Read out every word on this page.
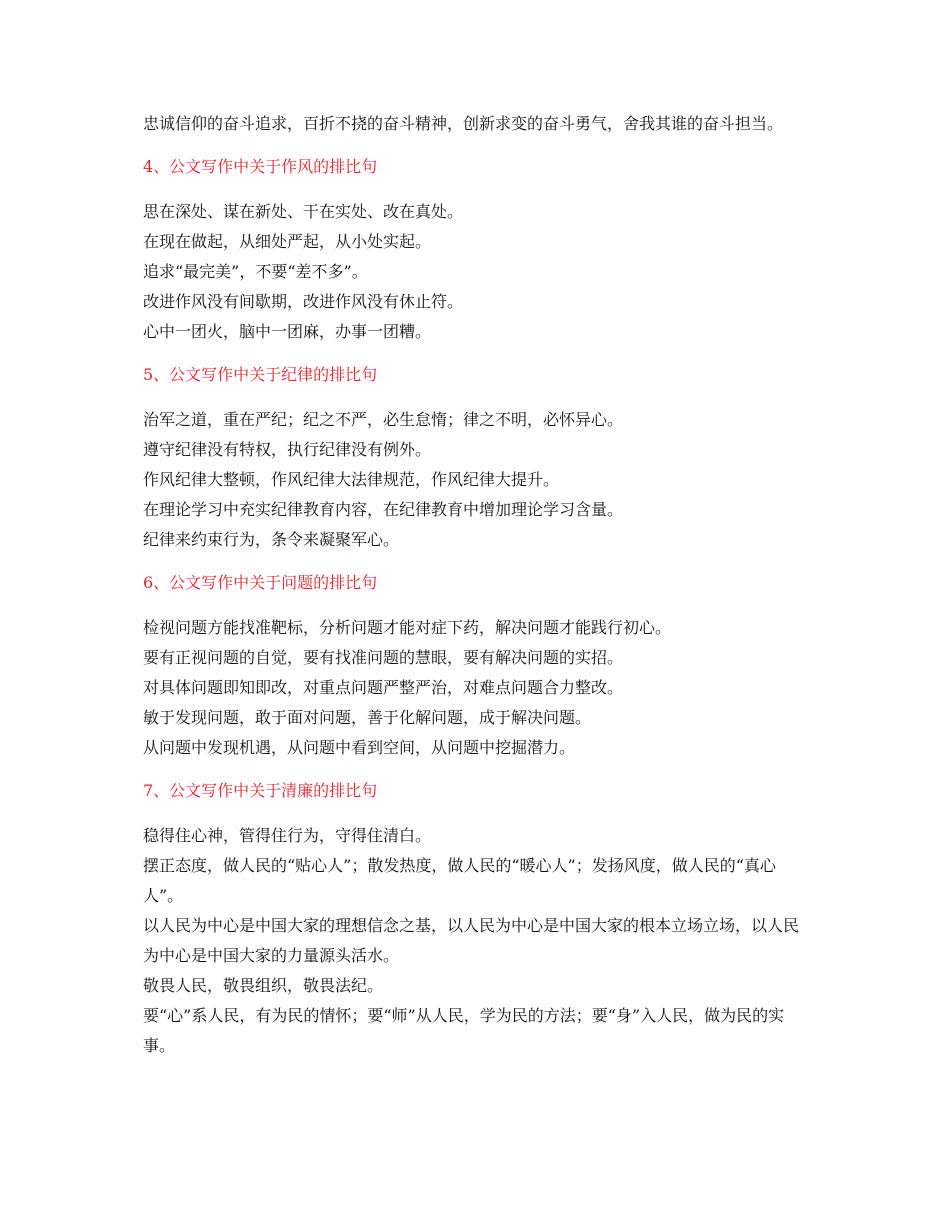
忠诚信仰的奋斗追求，百折不挠的奋斗精神，创新求变的奋斗勇气，舍我其谁的奋斗担当。

4、公文写作中关于作风的排比句
思在深处、谋在新处、干在实处、改在真处。
在现在做起，从细处严起，从小处实起。
追求“最完美”，不要“差不多”。
改进作风没有间歇期，改进作风没有休止符。
心中一团火，脑中一团麻，办事一团糟。
5、公文写作中关于纪律的排比句
治军之道，重在严纪；纪之不严，必生怠惰；律之不明，必怀异心。
遵守纪律没有特权，执行纪律没有例外。
作风纪律大整顿，作风纪律大法律规范，作风纪律大提升。
在理论学习中充实纪律教育内容，在纪律教育中增加理论学习含量。
纪律来约束行为，条令来凝聚军心。
6、公文写作中关于问题的排比句
检视问题方能找准靶标，分析问题才能对症下药，解决问题才能践行初心。
要有正视问题的自觉，要有找准问题的慧眼，要有解决问题的实招。
对具体问题即知即改，对重点问题严整严治，对难点问题合力整改。
敏于发现问题，敢于面对问题，善于化解问题，成于解决问题。
从问题中发现机遇，从问题中看到空间，从问题中挖掘潜力。
7、公文写作中关于清廉的排比句
稳得住心神，管得住行为，守得住清白。
摆正态度，做人民的“贴心人”；散发热度，做人民的“暖心人”；发扬风度，做人民的“真心人”。
以人民为中心是中国大家的理想信念之基，以人民为中心是中国大家的根本立场立场，以人民为中心是中国大家的力量源头活水。
敬畏人民，敬畏组织，敬畏法纪。
要“心”系人民，有为民的情怀；要“师”从人民，学为民的方法；要“身”入人民，做为民的实事。
